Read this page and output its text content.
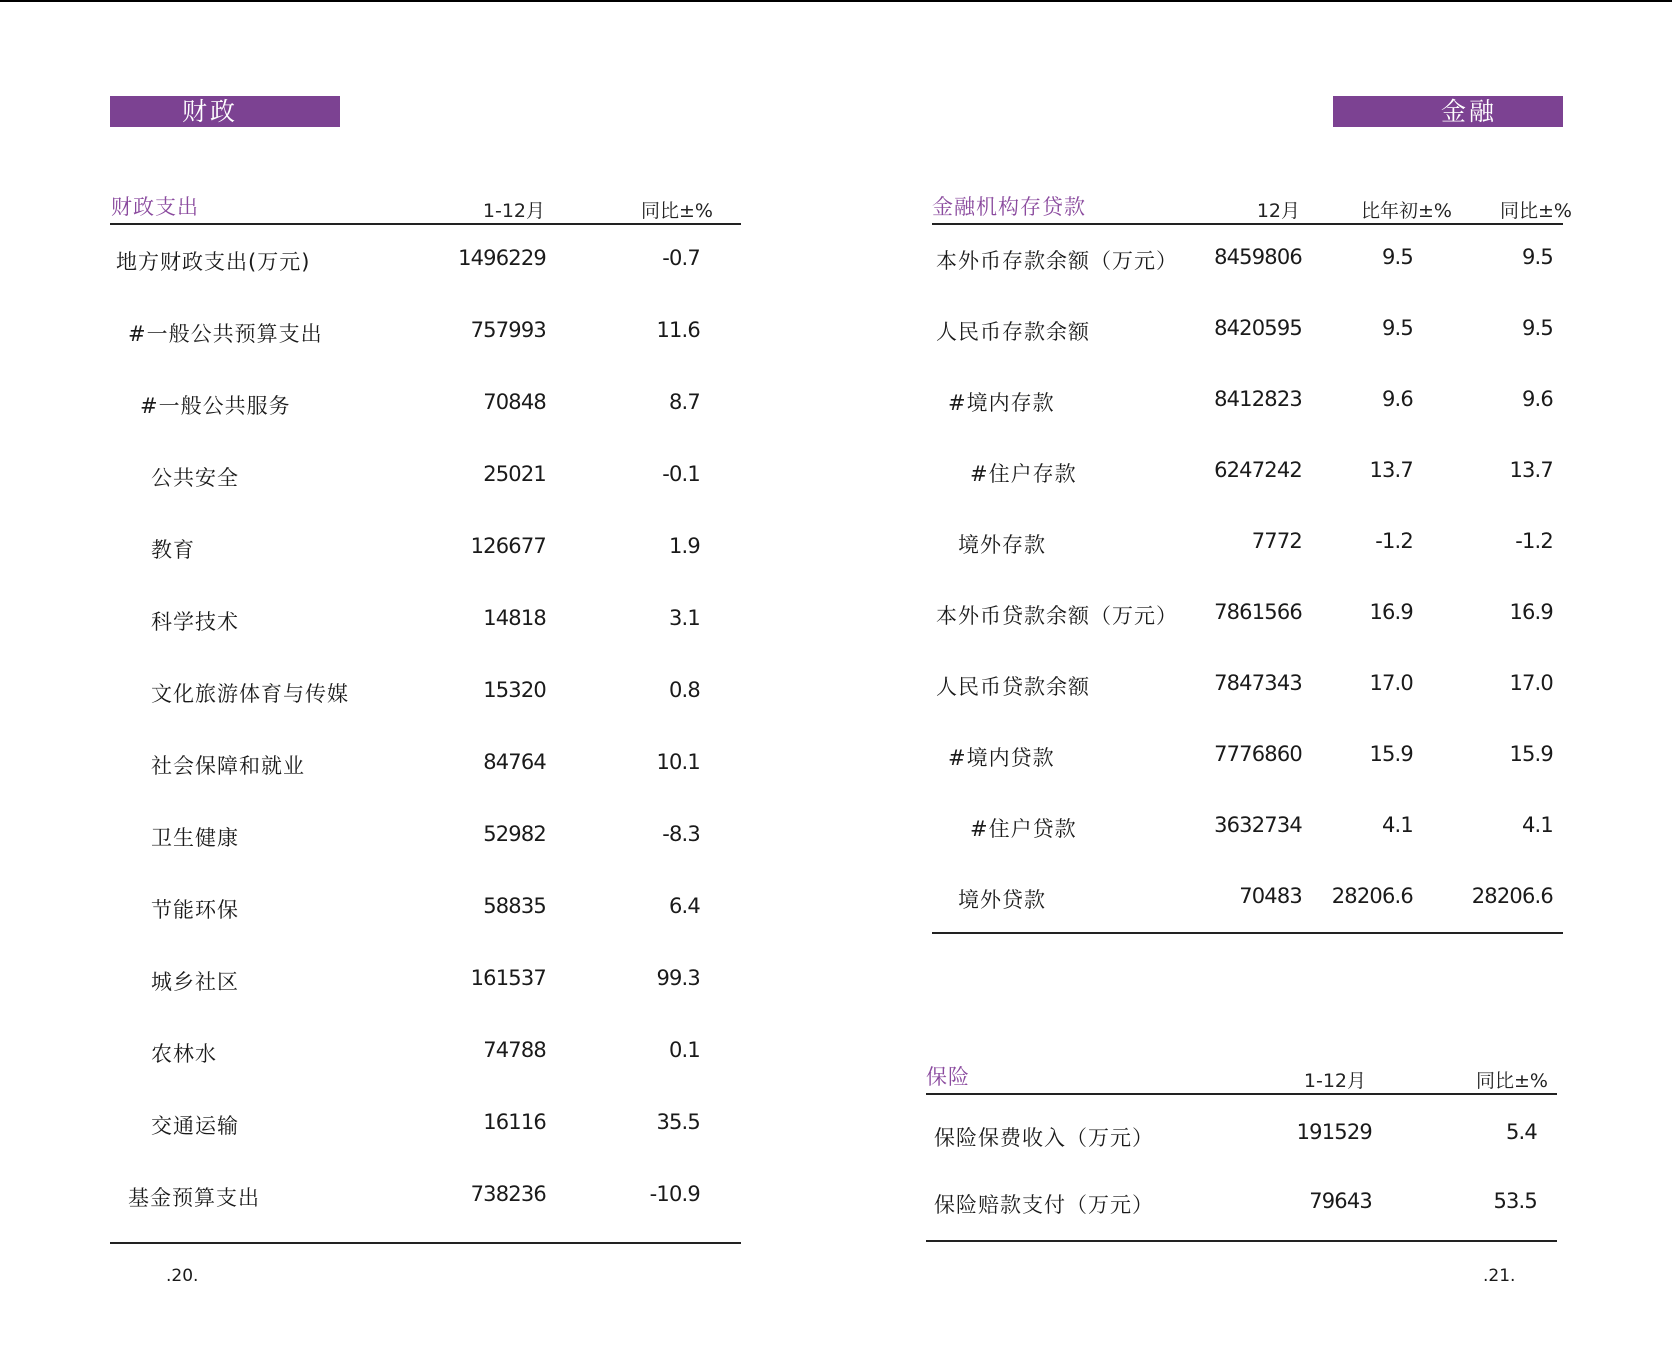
财政
财政支出	1-12月	同比±%
地方财政支出(万元)	1496229	-0.7
#一般公共预算支出	757993	11.6
#一般公共服务	70848	8.7
公共安全	25021	-0.1
教育	126677	1.9
科学技术	14818	3.1
文化旅游体育与传媒	15320	0.8
社会保障和就业	84764	10.1
卫生健康	52982	-8.3
节能环保	58835	6.4
城乡社区	161537	99.3
农林水	74788	0.1
交通运输	16116	35.5
基金预算支出	738236	-10.9
.20.
金融
金融机构存贷款	12月	比年初±%	同比±%
本外币存款余额（万元）	8459806	9.5	9.5
人民币存款余额	8420595	9.5	9.5
#境内存款	8412823	9.6	9.6
#住户存款	6247242	13.7	13.7
境外存款	7772	-1.2	-1.2
本外币贷款余额（万元）	7861566	16.9	16.9
人民币贷款余额	7847343	17.0	17.0
#境内贷款	7776860	15.9	15.9
#住户贷款	3632734	4.1	4.1
境外贷款	70483	28206.6	28206.6
保险	1-12月	同比±%
保险保费收入（万元）	191529	5.4
保险赔款支付（万元）	79643	53.5
.21.
